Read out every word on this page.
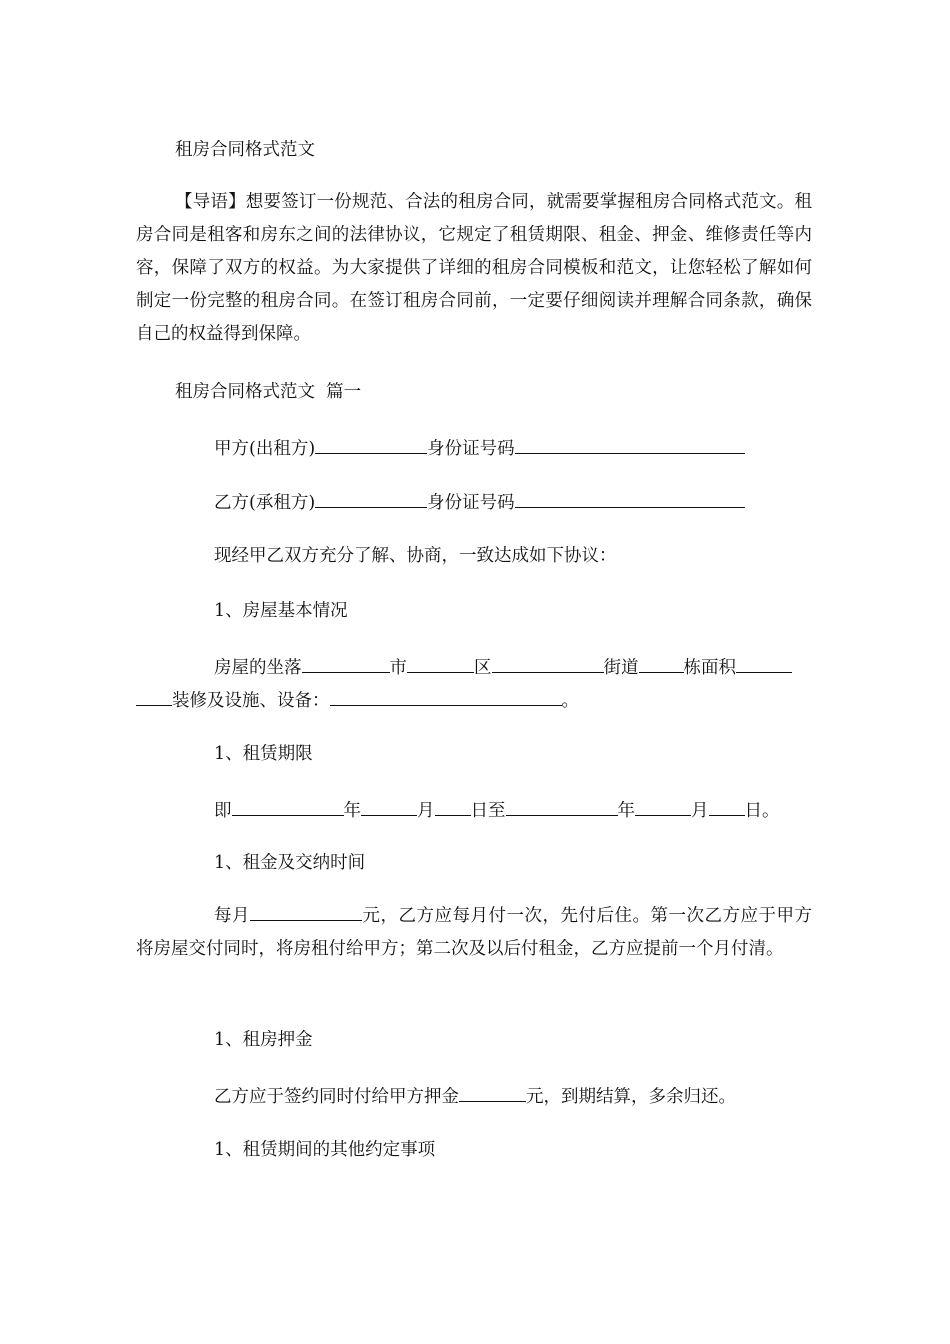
租房合同格式范文
【导语】想要签订一份规范、合法的租房合同，就需要掌握租房合同格式范文。租房合同是租客和房东之间的法律协议，它规定了租赁期限、租金、押金、维修责任等内容，保障了双方的权益。为大家提供了详细的租房合同模板和范文，让您轻松了解如何制定一份完整的租房合同。在签订租房合同前，一定要仔细阅读并理解合同条款，确保自己的权益得到保障。
租房合同格式范文  篇一
甲方(出租方)	身份证号码
乙方(承租方)	身份证号码
现经甲乙双方充分了解、协商，一致达成如下协议：
1、房屋基本情况
房屋的坐落	市	区	街道	栋面积
装修及设施、设备：	。
1、租赁期限
即	年	月 日至	年	月 日。
1、租金及交纳时间
每月	元，乙方应每月付一次，先付后住。第一次乙方应于甲方将房屋交付同时，将房租付给甲方；第二次及以后付租金，乙方应提前一个月付清。
1、租房押金
乙方应于签约同时付给甲方押金	元，到期结算，多余归还。
1、租赁期间的其他约定事项
